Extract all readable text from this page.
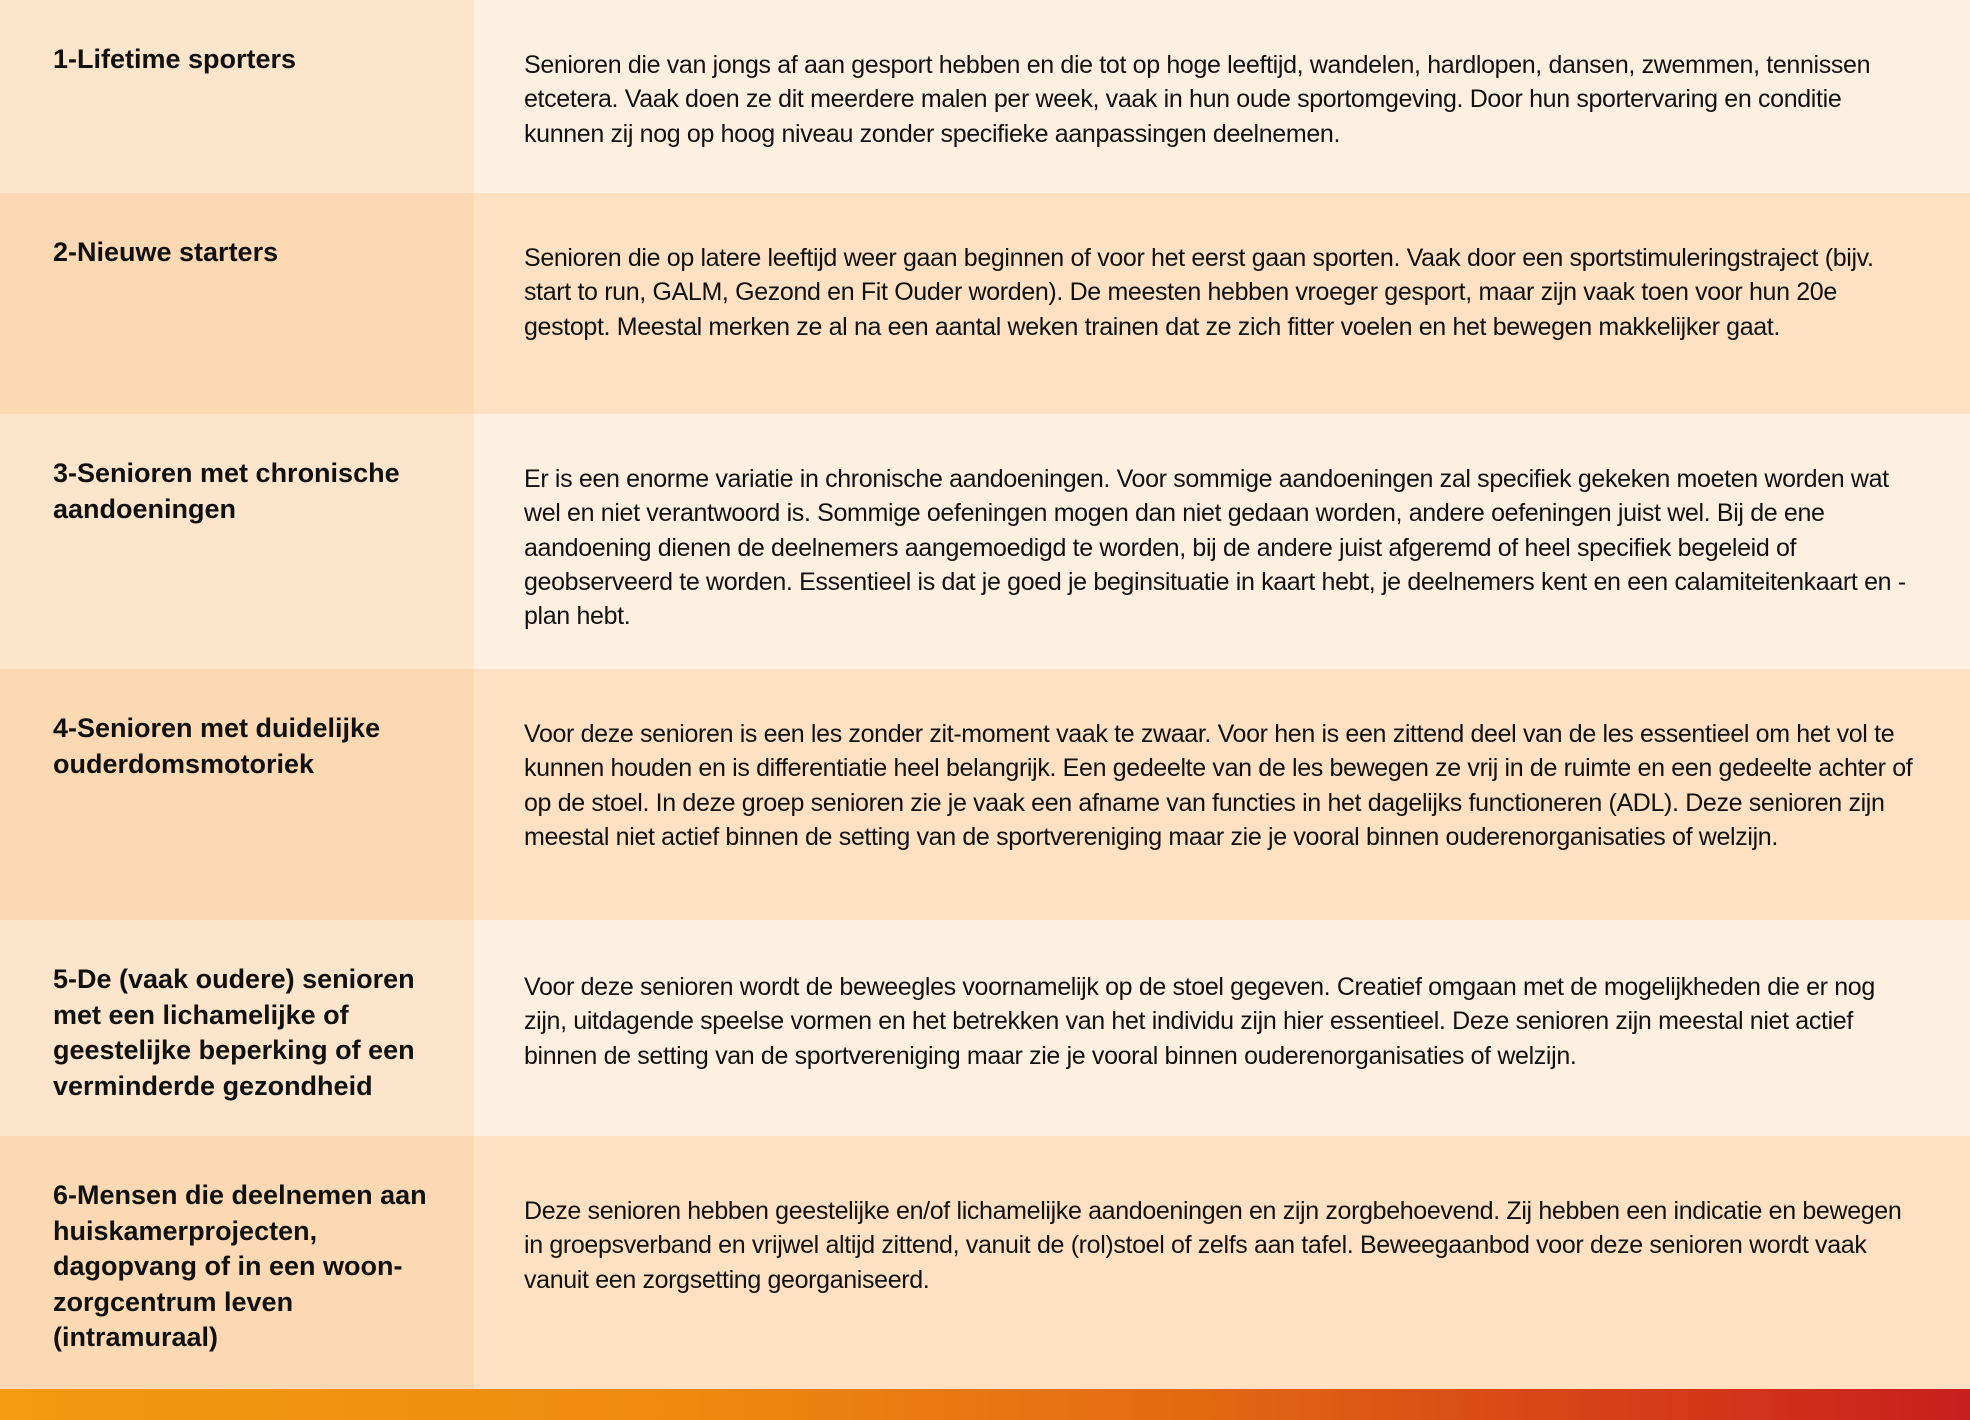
1-Lifetime sporters	Senioren die van jongs af aan gesport hebben en die tot op hoge leeftijd, wandelen, hardlopen, dansen, zwemmen, tennissen etcetera. Vaak doen ze dit meerdere malen per week, vaak in hun oude sportomgeving. Door hun sportervaring en conditie kunnen zij nog op hoog niveau zonder specifieke aanpassingen deelnemen.
2-Nieuwe starters	Senioren die op latere leeftijd weer gaan beginnen of voor het eerst gaan sporten. Vaak door een sportstimuleringstraject (bijv. start to run, GALM, Gezond en Fit Ouder worden). De meesten hebben vroeger gesport, maar zijn vaak toen voor hun 20e gestopt. Meestal merken ze al na een aantal weken trainen dat ze zich fitter voelen en het bewegen makkelijker gaat.
3-Senioren met chronische aandoeningen
Er is een enorme variatie in chronische aandoeningen. Voor sommige aandoeningen zal specifiek gekeken moeten worden wat wel en niet verantwoord is. Sommige oefeningen mogen dan niet gedaan worden, andere oefeningen juist wel. Bij de ene aandoening dienen de deelnemers aangemoedigd te worden, bij de andere juist afgeremd of heel specifiek begeleid of geobserveerd te worden. Essentieel is dat je goed je beginsituatie in kaart hebt, je deelnemers kent en een calamiteitenkaart en -plan hebt.
4-Senioren met duidelijke ouderdomsmotoriek
Voor deze senioren is een les zonder zit-moment vaak te zwaar. Voor hen is een zittend deel van de les essentieel om het vol te kunnen houden en is differentiatie heel belangrijk. Een gedeelte van de les bewegen ze vrij in de ruimte en een gedeelte achter of op de stoel. In deze groep senioren zie je vaak een afname van functies in het dagelijks functioneren (ADL). Deze senioren zijn meestal niet actief binnen de setting van de sportvereniging maar zie je vooral binnen ouderenorganisaties of welzijn.
5-De (vaak oudere) senioren met een lichamelijke of geestelijke beperking of een verminderde gezondheid
Voor deze senioren wordt de beweegles voornamelijk op de stoel gegeven. Creatief omgaan met de mogelijkheden die er nog zijn, uitdagende speelse vormen en het betrekken van het individu zijn hier essentieel. Deze senioren zijn meestal niet actief binnen de setting van de sportvereniging maar zie je vooral binnen ouderenorganisaties of welzijn.
6-Mensen die deelnemen aan huiskamerprojecten, dagopvang of in een woonzorgcentrum leven (intramuraal)
Deze senioren hebben geestelijke en/of lichamelijke aandoeningen en zijn zorgbehoevend. Zij hebben een indicatie en bewegen in groepsverband en vrijwel altijd zittend, vanuit de (rol)stoel of zelfs aan tafel. Beweegaanbod voor deze senioren wordt vaak vanuit een zorgsetting georganiseerd.
